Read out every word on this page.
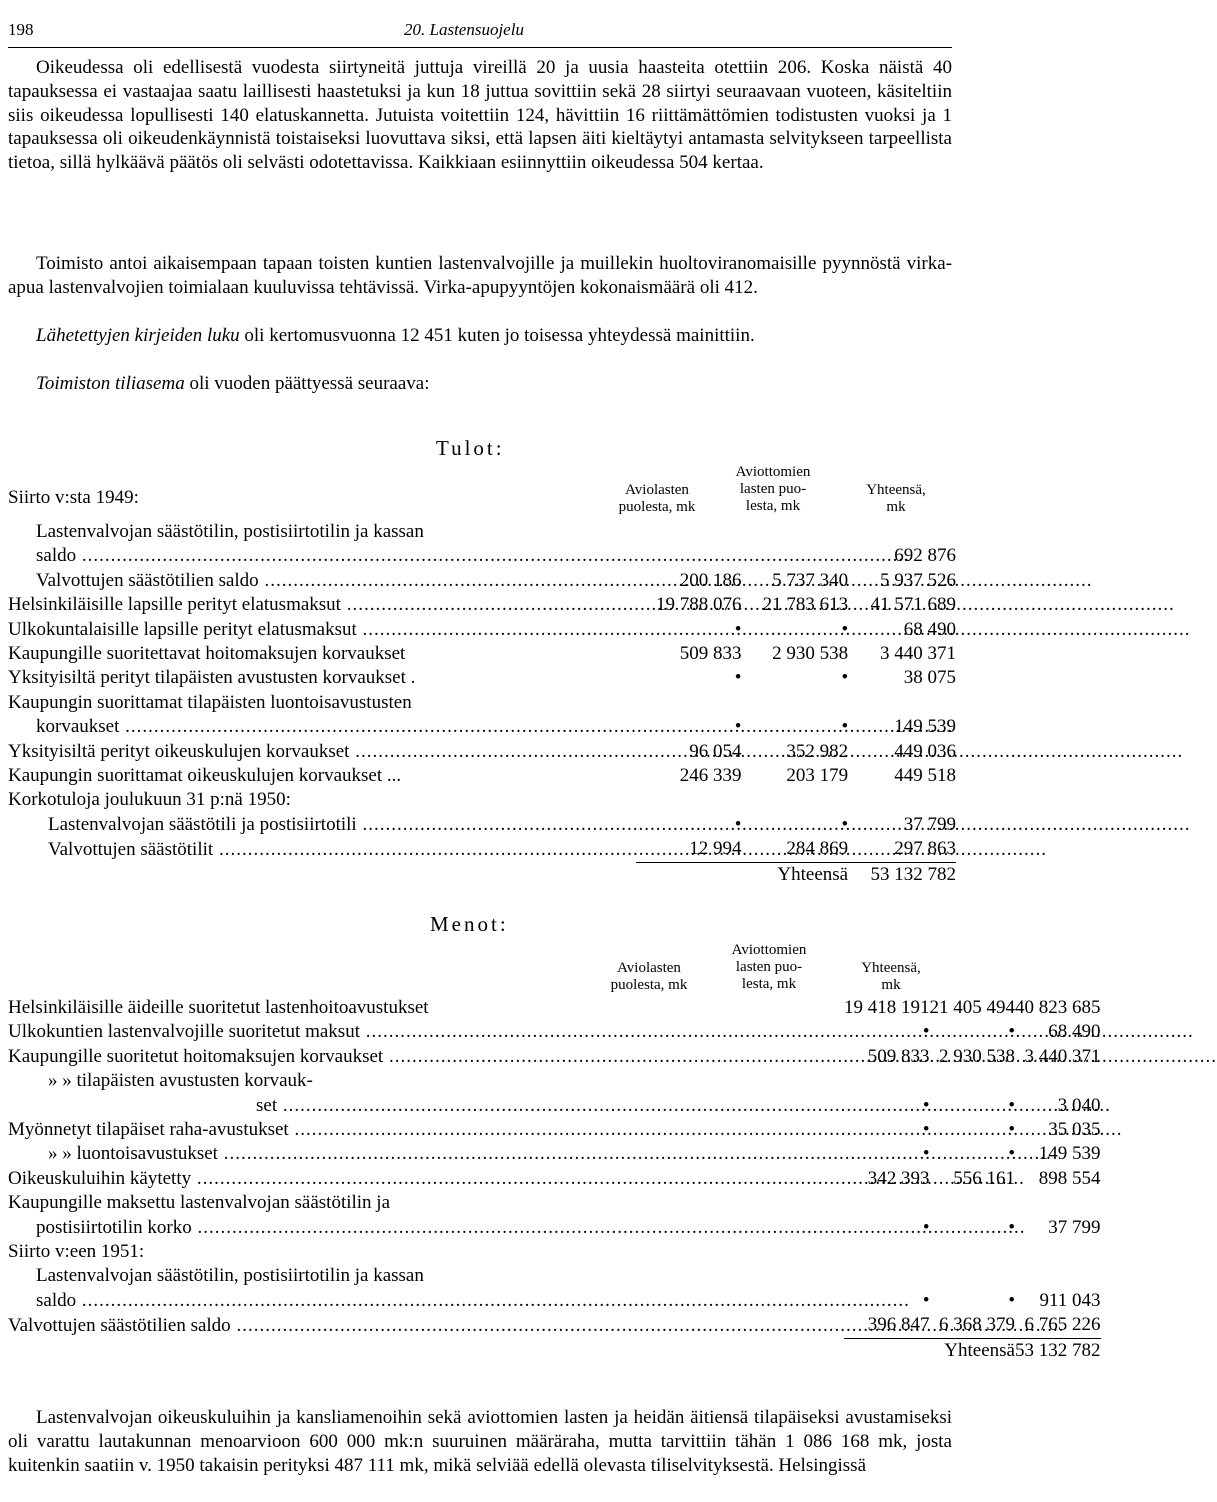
198	20. Lastensuojelu
Oikeudessa oli edellisestä vuodesta siirtyneitä juttuja vireillä 20 ja uusia haasteita otettiin 206. Koska näistä 40 tapauksessa ei vastaajaa saatu laillisesti haastetuksi ja kun 18 juttua sovittiin sekä 28 siirtyi seuraavaan vuoteen, käsiteltiin siis oikeudessa lopullisesti 140 elatuskannetta. Jutuista voitettiin 124, hävittiin 16 riittämättömien todistusten vuoksi ja 1 tapauksessa oli oikeudenkäynnistä toistaiseksi luovuttava siksi, että lapsen äiti kieltäytyi antamasta selvitykseen tarpeellista tietoa, sillä hylkäävä päätös oli selvästi odotettavissa. Kaikkiaan esiinnyttiin oikeudessa 504 kertaa.
Toimisto antoi aikaisempaan tapaan toisten kuntien lastenvalvojille ja muillekin huoltoviranomaisille pyynnöstä virka-apua lastenvalvojien toimialaan kuuluvissa tehtävissä. Virka-apupyyntöjen kokonaismäärä oli 412.
Lähetettyjen kirjeiden luku oli kertomusvuonna 12 451 kuten jo toisessa yhteydessä mainittiin.
Toimiston tiliasema oli vuoden päättyessä seuraava:
Tulot:
Siirto v:sta 1949:	Aviolasten
puolesta, mk
Aviottomien
lasten puo-
lesta, mk
Yhteensä,
mk
Lastenvalvojan säästötilin, postisiirtotilin ja kassan			
saldo .....			692 876
Valvottujen säästötilien saldo .....	200 186	5 737 340	5 937 526
Helsinkiläisille lapsille perityt elatusmaksut .....	19 788 076	21 783 613	41 571 689
Ulkokuntalaisille lapsille perityt elatusmaksut .....	•	•	68 490
Kaupungille suoritettavat hoitomaksujen korvaukset	509 833	2 930 538	3 440 371
Yksityisiltä perityt tilapäisten avustusten korvaukset .	•	•	38 075
Kaupungin suorittamat tilapäisten luontoisavustusten			
korvaukset .....	•	•	149 539
Yksityisiltä perityt oikeuskulujen korvaukset .....	96 054	352 982	449 036
Kaupungin suorittamat oikeuskulujen korvaukset ...	246 339	203 179	449 518
Korkotuloja joulukuun 31 p:nä 1950:			
Lastenvalvojan säästötili ja postisiirtotili .....	•	•	37 799
Valvottujen säästötilit .....	12 994	284 869	297 863
	Yhteensä		53 132 782
Menot:
Aviolasten
puolesta, mk
Aviottomien
lasten puo-
lesta, mk
Yhteensä,
mk
Helsinkiläisille äideille suoritetut lastenhoitoavustukset	19 418 191	21 405 494	40 823 685
Ulkokuntien lastenvalvojille suoritetut maksut .....	•	•	68 490
Kaupungille suoritetut hoitomaksujen korvaukset .....	509 833	2 930 538	3 440 371
» » tilapäisten avustusten korvauk-			
set .....	•	•	3 040
Myönnetyt tilapäiset raha-avustukset .....	•	•	35 035
» » luontoisavustukset .....	•	•	149 539
Oikeuskuluihin käytetty .....	342 393	556 161	898 554
Kaupungille maksettu lastenvalvojan säästötilin ja			
postisiirtotilin korko .....	•	•	37 799
Siirto v:een 1951:			
Lastenvalvojan säästötilin, postisiirtotilin ja kassan			
saldo .....	•	•	911 043
Valvottujen säästötilien saldo .....	396 847	6 368 379	6 765 226
	Yhteensä		53 132 782
Lastenvalvojan oikeuskuluihin ja kansliamenoihin sekä aviottomien lasten ja heidän äitiensä tilapäiseksi avustamiseksi oli varattu lautakunnan menoarvioon 600 000 mk:n suuruinen määräraha, mutta tarvittiin tähän 1 086 168 mk, josta kuitenkin saatiin v. 1950 takaisin perityksi 487 111 mk, mikä selviää edellä olevasta tiliselvityksestä. Helsingissä
